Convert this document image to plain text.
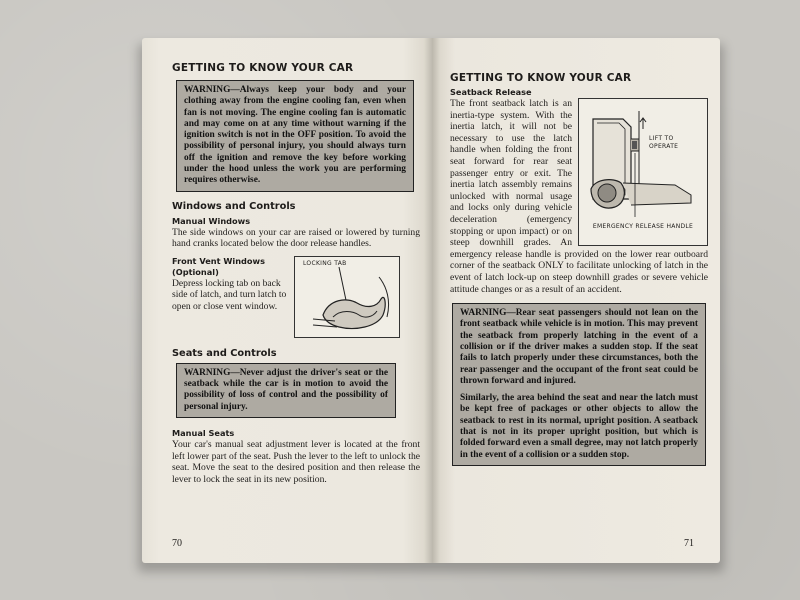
GETTING TO KNOW YOUR CAR

WARNING—Always keep your body and your clothing away from the engine cooling fan, even when fan is not moving. The engine cooling fan is automatic and may come on at any time without warning if the ignition switch is not in the OFF position. To avoid the possibility of personal injury, you should always turn off the ignition and remove the key before working under the hood unless the work you are performing requires otherwise.

Windows and Controls
Manual Windows

The side windows on your car are raised or lowered by turning hand cranks located below the door release handles.

Front Vent Windows
(Optional)

Depress locking tab on back side of latch, and turn latch to open or close vent window.

LOCKING TAB
Seats and Controls

WARNING—Never adjust the driver's seat or the seatback while the car is in motion to avoid the possibility of loss of control and the possibility of personal injury.

Manual Seats

Your car's manual seat adjustment lever is located at the front left lower part of the seat. Push the lever to the left to unlock the seat. Move the seat to the desired position and then release the lever to lock the seat in its new position.

70
GETTING TO KNOW YOUR CAR
Seatback Release
LIFT TO OPERATE
EMERGENCY RELEASE HANDLE

The front seatback latch is an inertia-type system. With the inertia latch, it will not be necessary to use the latch handle when folding the front seat forward for rear seat passenger entry or exit. The inertia latch assembly remains unlocked with normal usage and locks only during vehicle deceleration (emergency stopping or upon impact) or on steep downhill grades. An emergency release handle is provided on the lower rear outboard corner of the seatback ONLY to facilitate unlocking of latch in the event of latch lock-up on steep downhill grades or severe vehicle attitude changes or as a result of an accident.

WARNING—Rear seat passengers should not lean on the front seatback while vehicle is in motion. This may prevent the seatback from properly latching in the event of a collision or if the driver makes a sudden stop. If the seat fails to latch properly under these circumstances, both the rear passenger and the occupant of the front seat could be thrown forward and injured.

Similarly, the area behind the seat and near the latch must be kept free of packages or other objects to allow the seatback to rest in its normal, upright position. A seatback that is not in its proper upright position, but which is folded forward even a small degree, may not latch properly in the event of a collision or a sudden stop.

71
